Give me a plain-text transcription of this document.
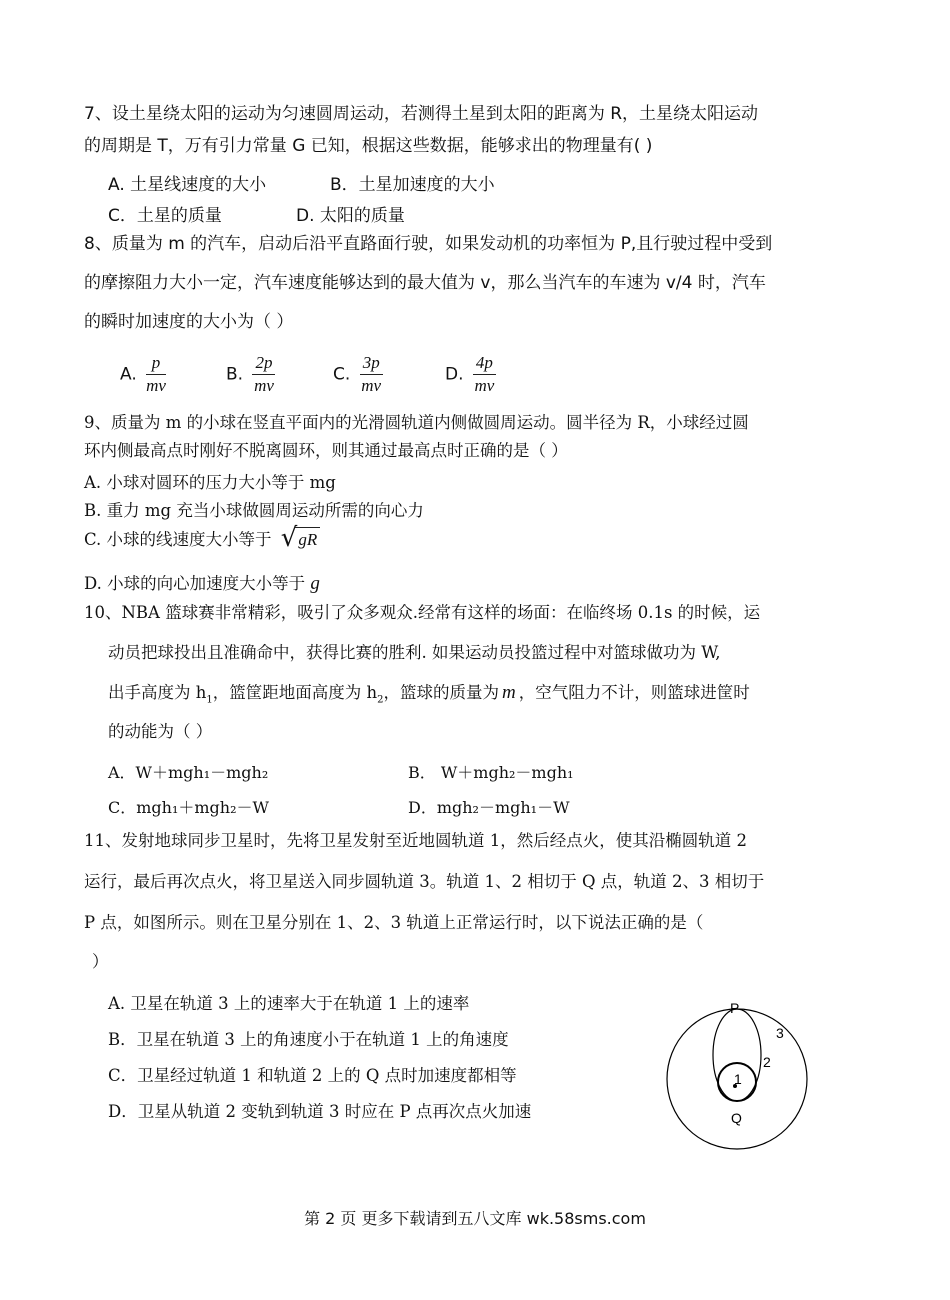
7、设土星绕太阳的运动为匀速圆周运动，若测得土星到太阳的距离为 R，土星绕太阳运动
的周期是 T，万有引力常量 G 已知，根据这些数据，能够求出的物理量有( )
A. 土星线速度的大小	B．土星加速度的大小
C．土星的质量	D. 太阳的质量
8、质量为 m 的汽车，启动后沿平直路面行驶，如果发动机的功率恒为 P,且行驶过程中受到
的摩擦阻力大小一定，汽车速度能够达到的最大值为 v，那么当汽车的车速为 v/4 时，汽车
的瞬时加速度的大小为（ ）
A. $\frac{p}{mv}$	B. $\frac{2p}{mv}$	C. $\frac{3p}{mv}$	D. $\frac{4p}{mv}$
9、质量为 m 的小球在竖直平面内的光滑圆轨道内侧做圆周运动。圆半径为 R，小球经过圆
环内侧最高点时刚好不脱离圆环，则其通过最高点时正确的是（ ）
A. 小球对圆环的压力大小等于 mg
B. 重力 mg 充当小球做圆周运动所需的向心力
C. 小球的线速度大小等于 √gR
D. 小球的向心加速度大小等于 g
10、NBA 篮球赛非常精彩，吸引了众多观众.经常有这样的场面：在临终场 0.1s 的时候，运
动员把球投出且准确命中，获得比赛的胜利. 如果运动员投篮过程中对篮球做功为 W,
出手高度为 $h_1$，篮筐距地面高度为 $h_2$，篮球的质量为 m ，空气阻力不计，则篮球进筐时
的动能为（ ）
A．W＋mgh₁－mgh₂	B． W＋mgh₂－mgh₁
C．mgh₁＋mgh₂－W	D．mgh₂－mgh₁－W
11、发射地球同步卫星时，先将卫星发射至近地圆轨道 1，然后经点火，使其沿椭圆轨道 2
运行，最后再次点火，将卫星送入同步圆轨道 3。轨道 1、2 相切于 Q 点，轨道 2、3 相切于
P 点，如图所示。则在卫星分别在 1、2、3 轨道上正常运行时，以下说法正确的是（
）
A. 卫星在轨道 3 上的速率大于在轨道 1 上的速率
B．卫星在轨道 3 上的角速度小于在轨道 1 上的角速度
C．卫星经过轨道 1 和轨道 2 上的 Q 点时加速度都相等
D．卫星从轨道 2 变轨到轨道 3 时应在 P 点再次点火加速
P
Q
1
2
3
第 2 页 更多下载请到五八文库 wk.58sms.com
